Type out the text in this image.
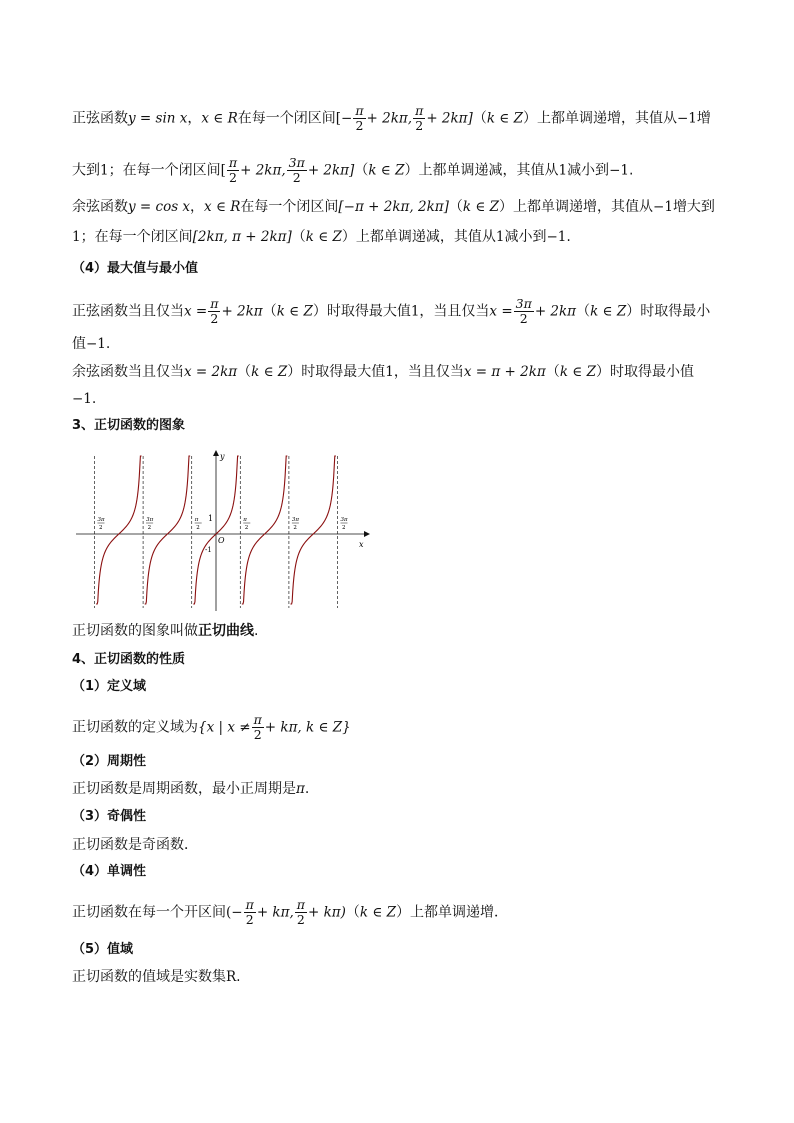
正弦函数y = sin x，x ∈ R在每一个闭区间[− $\frac{\pi}{2} + 2k\pi$, $\frac{\pi}{2} + 2k\pi](k$ ∈ Z）上都单调递增，其值从−1增
大到1；在每一个闭区间[ $\frac{\pi}{2} + 2k\pi$, $\frac{3\pi}{2} + 2k\pi](k$ ∈ Z）上都单调递减，其值从1减小到−1.
余弦函数y = cos x，x ∈ R在每一个闭区间[−π + 2kπ, 2kπ]（k ∈ Z）上都单调递增，其值从−1增大到
1；在每一个闭区间[2kπ, π + 2kπ]（k ∈ Z）上都单调递减，其值从1减小到−1.
（4）最大值与最小值
正弦函数当且仅当$x = \frac{\pi}{2} + 2k\pi(k$ ∈ Z）时取得最大值1，当且仅当$x = \frac{3\pi}{2} + 2k\pi(k$ ∈ Z）时取得最小
值−1.
余弦函数当且仅当x = 2kπ（k ∈ Z）时取得最大值1，当且仅当x = π + 2kπ（k ∈ Z）时取得最小值
−1.
3、正切函数的图象
y
x
O
1
-1
3π
2
3π
2
π
2
π
2
3π
2
3π
2
正切函数的图象叫做正切曲线.
4、正切函数的性质
（1）定义域
正切函数的定义域为{x | $x \ne \frac{\pi}{2} + k\pi$, k ∈ Z}
（2）周期性
正切函数是周期函数，最小正周期是π.
（3）奇偶性
正切函数是奇函数．
（4）单调性
正切函数在每一个开区间(− $\frac{\pi}{2} + k\pi$, $\frac{\pi}{2} + k\pi)(k$ ∈ Z）上都单调递增．
（5）值域
正切函数的值域是实数集R.
